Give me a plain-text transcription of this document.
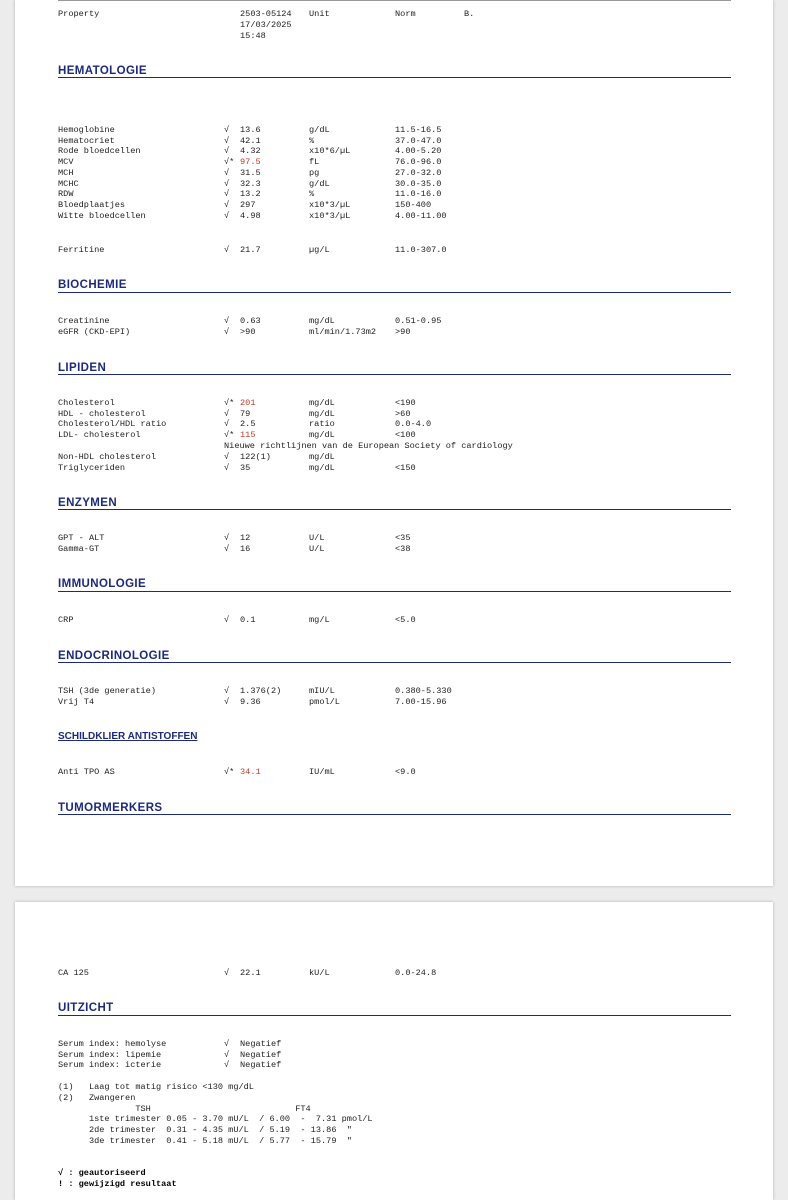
Property	2503-05124 Unit	Norm	B.
17/03/2025
15:48
HEMATOLOGIE
Hemoglobine	√ 13.6	g/dL	11.5-16.5
Hematocriet	√ 42.1	%	37.0-47.0
Rode bloedcellen	√ 4.32	x10*6/µL	4.00-5.20
MCV	√* 97.5	fL	76.0-96.0
MCH	√ 31.5	pg	27.0-32.0
MCHC	√ 32.3	g/dL	30.0-35.0
RDW	√ 13.2	%	11.0-16.0
Bloedplaatjes	√ 297	x10*3/µL	150-400
Witte bloedcellen	√ 4.98	x10*3/µL	4.00-11.00
Ferritine	√ 21.7	µg/L	11.0-307.0
BIOCHEMIE
Creatinine	√ 0.63	mg/dL	0.51-0.95
eGFR (CKD-EPI)	√ >90	ml/min/1.73m2 >90
LIPIDEN
Cholesterol	√* 201	mg/dL	<190
HDL - cholesterol	√ 79	mg/dL	>60
Cholesterol/HDL ratio	√ 2.5	ratio	0.0-4.0
LDL- cholesterol	√* 115	mg/dL	<100
Nieuwe richtlijnen van de European Society of cardiology
Non-HDL cholesterol	√ 122(1)	mg/dL
Triglyceriden	√ 35	mg/dL	<150
ENZYMEN
GPT - ALT	√ 12	U/L	<35
Gamma-GT	√ 16	U/L	<38
IMMUNOLOGIE
CRP	√ 0.1	mg/L	<5.0
ENDOCRINOLOGIE
TSH (3de generatie)	√ 1.376(2)	mIU/L	0.380-5.330
Vrij T4	√ 9.36	pmol/L	7.00-15.96
SCHILDKLIER ANTISTOFFEN
Anti TPO AS	√* 34.1	IU/mL	<9.0
TUMORMERKERS
CA 125	√ 22.1	kU/L	0.0-24.8
UITZICHT
Serum index: hemolyse	√ Negatief
Serum index: lipemie	√ Negatief
Serum index: icterie	√ Negatief
(1)   Laag tot matig risico <130 mg/dL
(2)   Zwangeren
TSH                            FT4
1ste trimester 0.05 - 3.70 mU/L  / 6.00  -  7.31 pmol/L
2de trimester  0.31 - 4.35 mU/L  / 5.19  - 13.86  "
3de trimester  0.41 - 5.18 mU/L  / 5.77  - 15.79  "
√ : geautoriseerd
! : gewijzigd resultaat
